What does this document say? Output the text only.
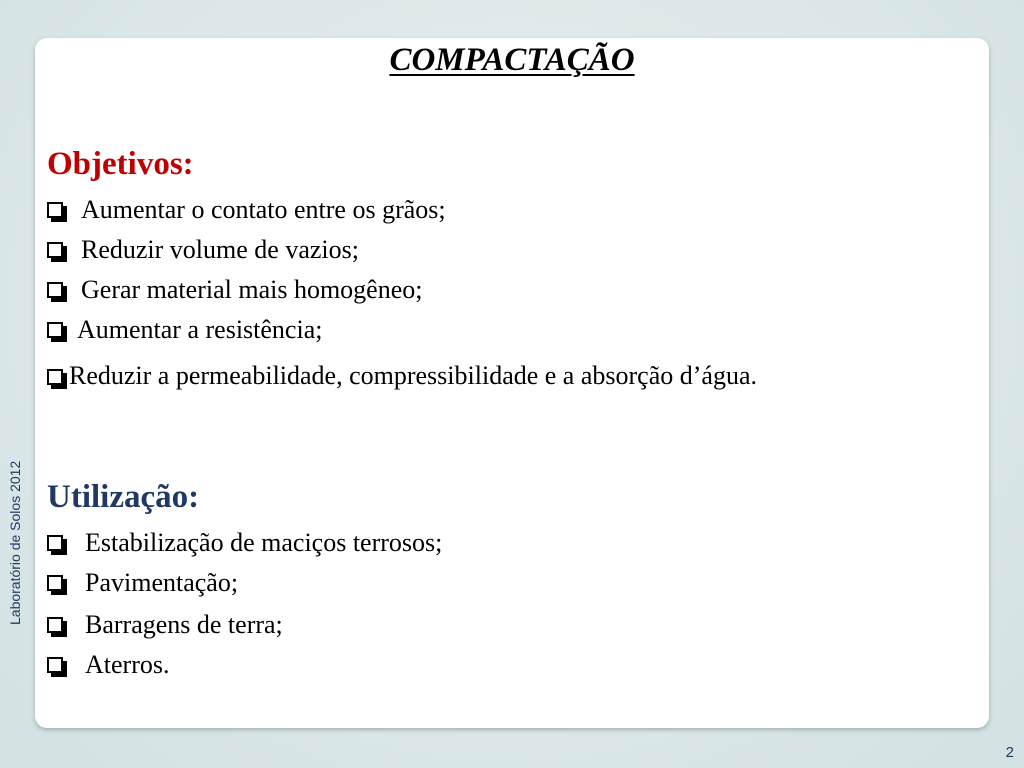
COMPACTAÇÃO
Objetivos:
Aumentar o contato entre os grãos;
Reduzir volume de vazios;
Gerar material mais homogêneo;
Aumentar a resistência;
Reduzir a permeabilidade, compressibilidade e a absorção d’água.
Utilização:
Estabilização de maciços terrosos;
Pavimentação;
Barragens de terra;
Aterros.
Laboratório de Solos 2012
2
